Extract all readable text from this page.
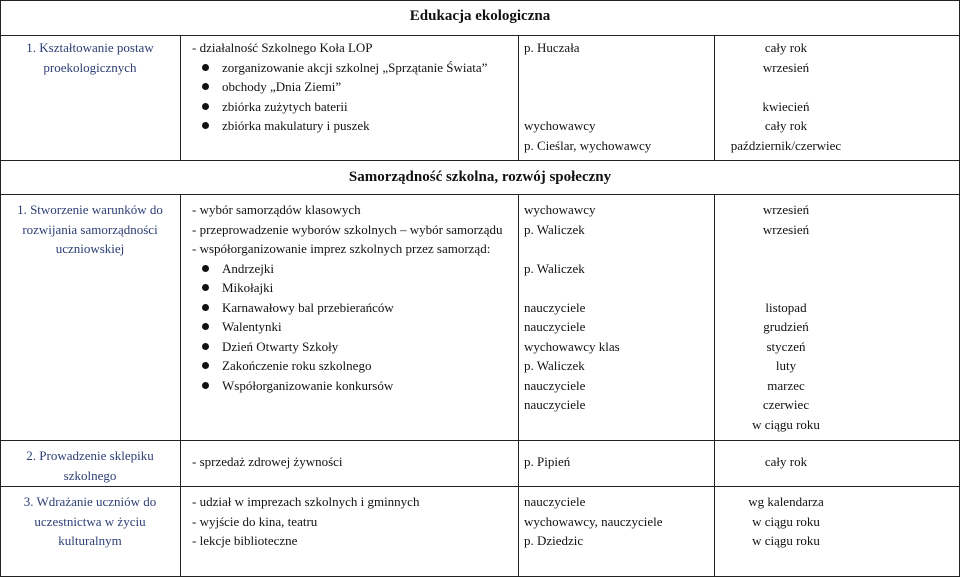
Edukacja ekologiczna
Samorządność szkolna, rozwój społeczny
1. Kształtowanie postaw proekologicznych
- działalność Szkolnego Koła LOP
zorganizowanie akcji szkolnej „Sprzątanie Świata”
obchody „Dnia Ziemi”
zbiórka zużytych baterii
zbiórka makulatury i puszek
p. Huczała

wychowawcy
p. Cieślar, wychowawcy
cały rok
wrzesień

kwiecień
cały rok
październik/czerwiec
1. Stworzenie warunków do rozwijania samorządności uczniowskiej
- wybór samorządów klasowych
- przeprowadzenie wyborów szkolnych – wybór samorządu
- współorganizowanie imprez szkolnych przez samorząd:
Andrzejki
Mikołajki
Karnawałowy bal przebierańców
Walentynki
Dzień Otwarty Szkoły
Zakończenie roku szkolnego
Współorganizowanie konkursów
wychowawcy
p. Waliczek

p. Waliczek

nauczyciele
nauczyciele
wychowawcy klas
p. Waliczek
nauczyciele
nauczyciele
wrzesień
wrzesień

listopad
grudzień
styczeń
luty
marzec
czerwiec
w ciągu roku
2. Prowadzenie sklepiku szkolnego
- sprzedaż zdrowej żywności	p. Pipień	cały rok
3. Wdrażanie uczniów do uczestnictwa w życiu kulturalnym
- udział w imprezach szkolnych i gminnych
- wyjście do kina, teatru
- lekcje biblioteczne
nauczyciele
wychowawcy, nauczyciele
p. Dziedzic
wg kalendarza
w ciągu roku
w ciągu roku
